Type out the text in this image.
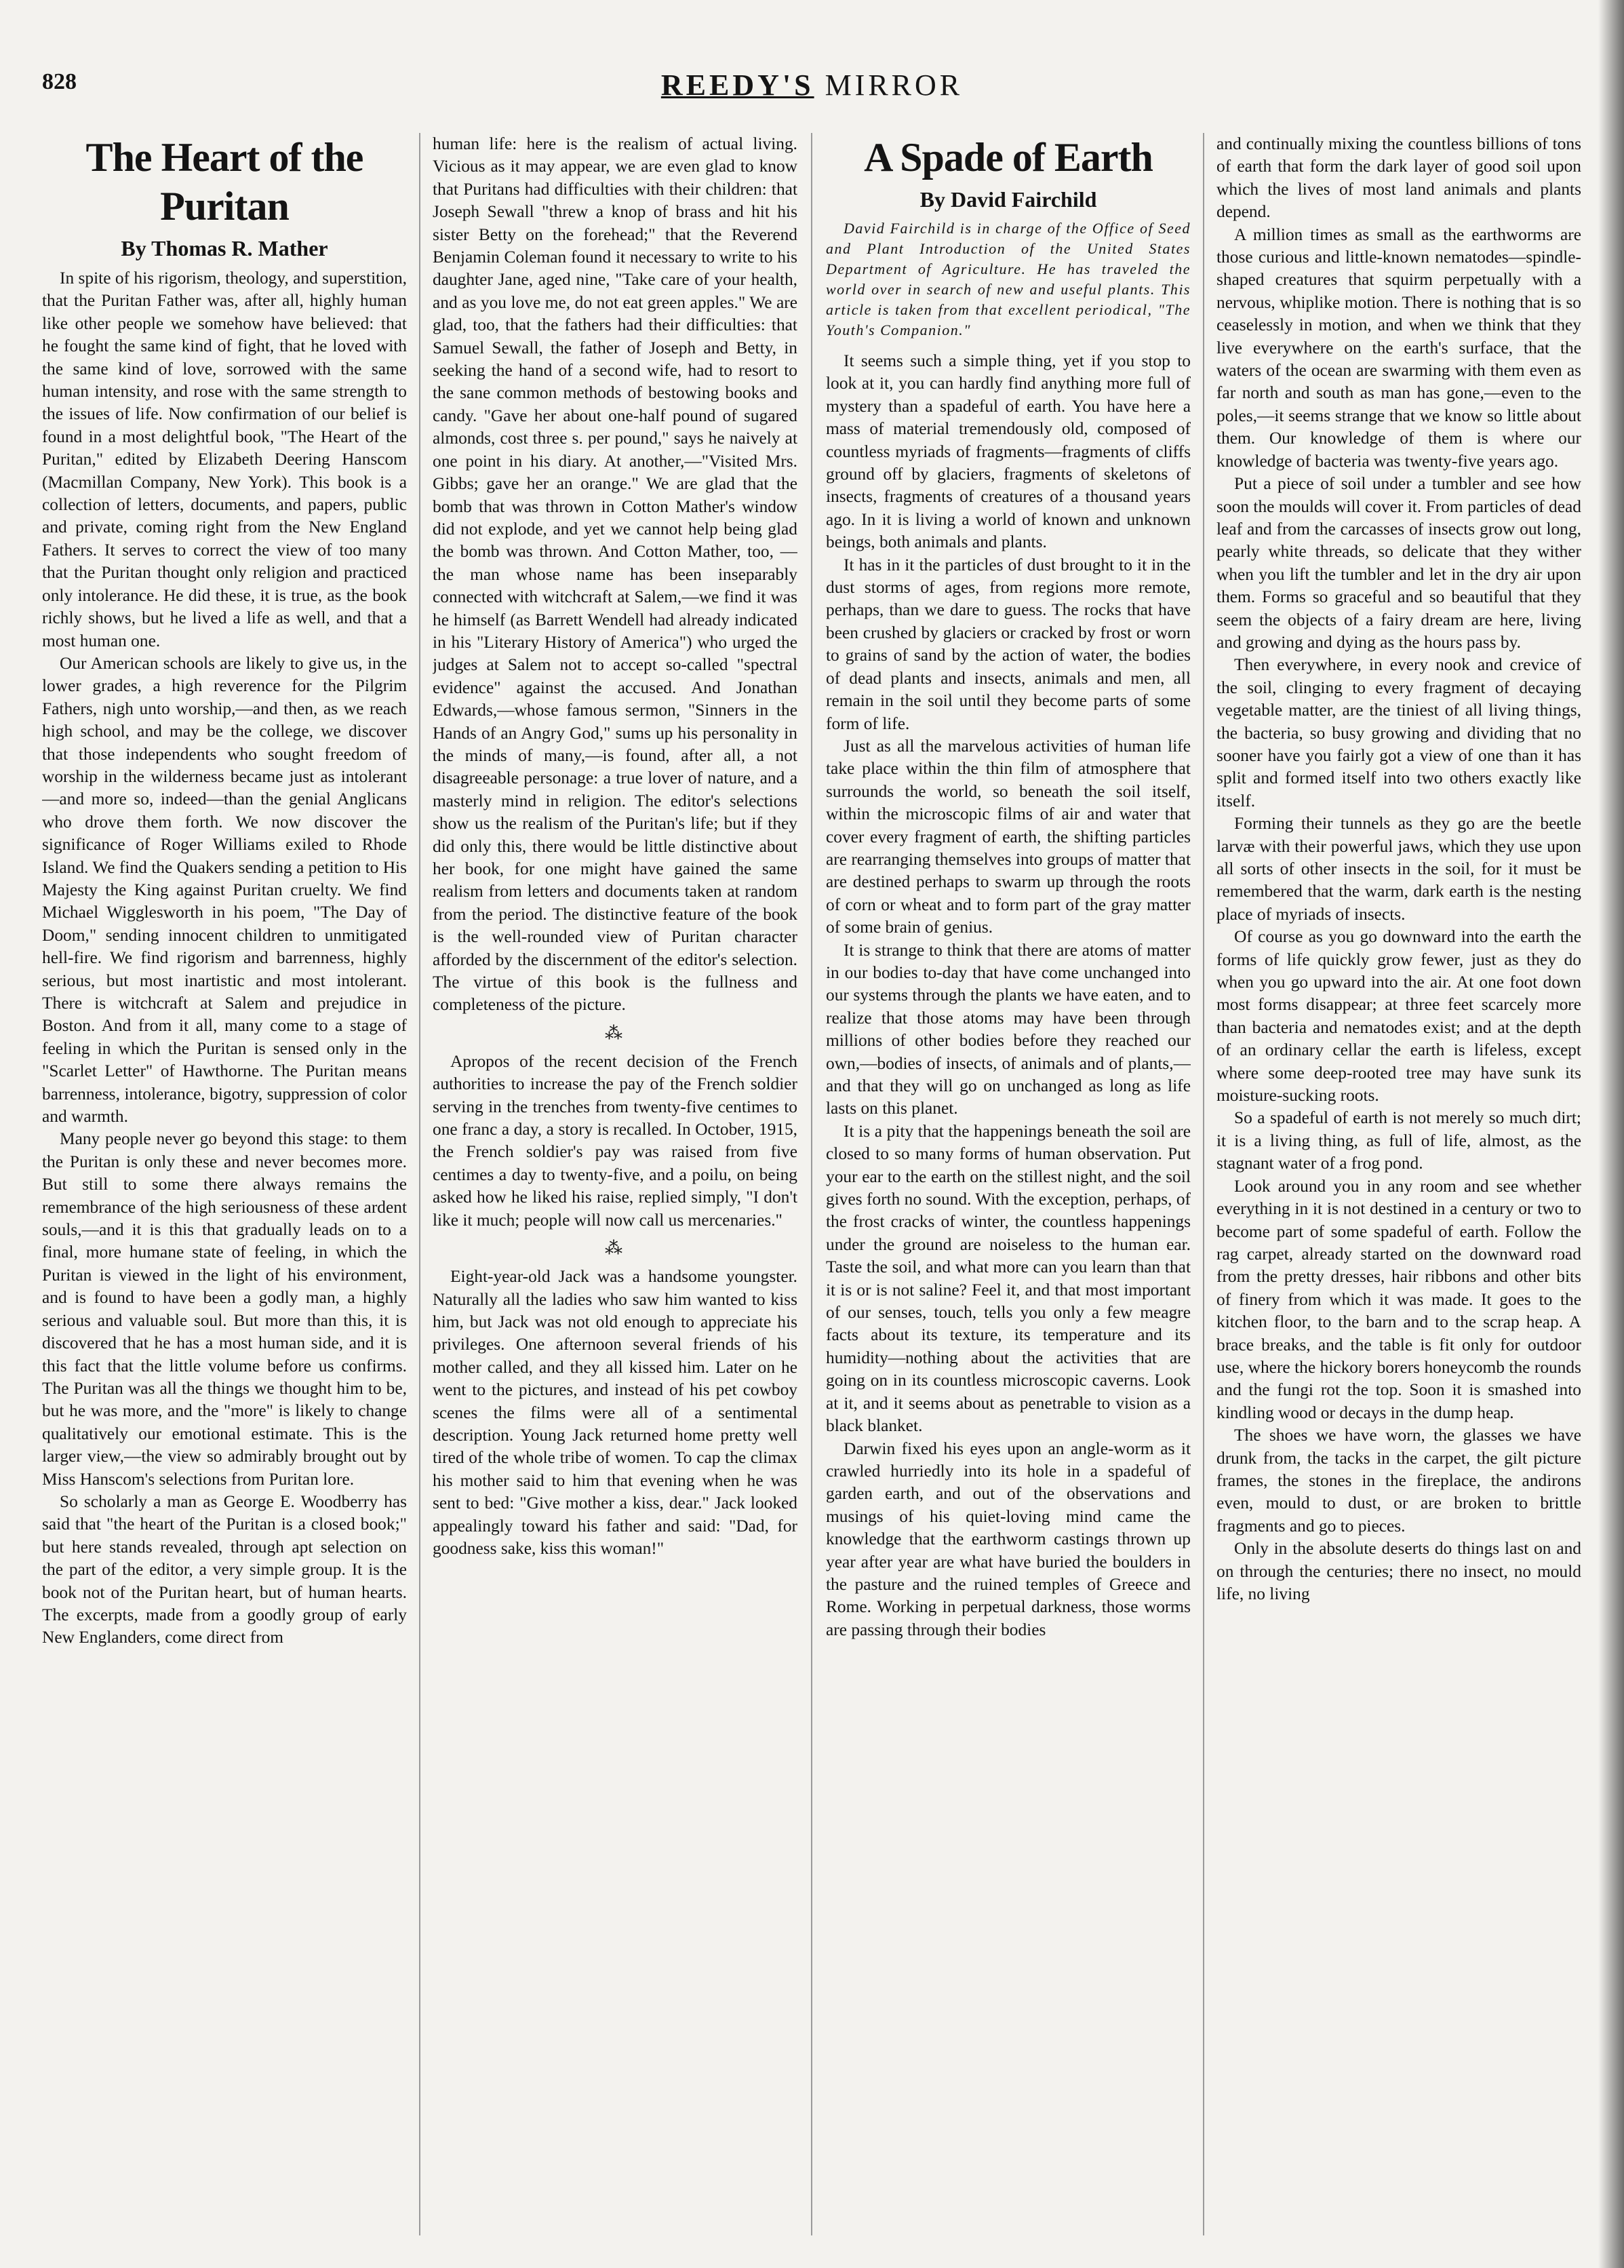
828	REEDY'S MIRROR
The Heart of the Puritan
By Thomas R. Mather

In spite of his rigorism, theology, and superstition, that the Puritan Father was, after all, highly human like other people we somehow have believed: that he fought the same kind of fight, that he loved with the same kind of love, sorrowed with the same human intensity, and rose with the same strength to the issues of life. Now confirmation of our belief is found in a most delightful book, "The Heart of the Puritan," edited by Elizabeth Deering Hanscom (Macmillan Company, New York). This book is a collection of letters, documents, and papers, public and private, coming right from the New England Fathers. It serves to correct the view of too many that the Puritan thought only religion and practiced only intolerance. He did these, it is true, as the book richly shows, but he lived a life as well, and that a most human one.

Our American schools are likely to give us, in the lower grades, a high reverence for the Pilgrim Fathers, nigh unto worship,—and then, as we reach high school, and may be the college, we discover that those independents who sought freedom of worship in the wilderness became just as intolerant—and more so, indeed—than the genial Anglicans who drove them forth. We now discover the significance of Roger Williams exiled to Rhode Island. We find the Quakers sending a petition to His Majesty the King against Puritan cruelty. We find Michael Wigglesworth in his poem, "The Day of Doom," sending innocent children to unmitigated hell-fire. We find rigorism and barrenness, highly serious, but most inartistic and most intolerant. There is witchcraft at Salem and prejudice in Boston. And from it all, many come to a stage of feeling in which the Puritan is sensed only in the "Scarlet Letter" of Hawthorne. The Puritan means barrenness, intolerance, bigotry, suppression of color and warmth.

Many people never go beyond this stage: to them the Puritan is only these and never becomes more. But still to some there always remains the remembrance of the high seriousness of these ardent souls,—and it is this that gradually leads on to a final, more humane state of feeling, in which the Puritan is viewed in the light of his environment, and is found to have been a godly man, a highly serious and valuable soul. But more than this, it is discovered that he has a most human side, and it is this fact that the little volume before us confirms. The Puritan was all the things we thought him to be, but he was more, and the "more" is likely to change qualitatively our emotional estimate. This is the larger view,—the view so admirably brought out by Miss Hanscom's selections from Puritan lore.

So scholarly a man as George E. Woodberry has said that "the heart of the Puritan is a closed book;" but here stands revealed, through apt selection on the part of the editor, a very simple group. It is the book not of the Puritan heart, but of human hearts. The excerpts, made from a goodly group of early New Englanders, come direct from

human life: here is the realism of actual living. Vicious as it may appear, we are even glad to know that Puritans had difficulties with their children: that Joseph Sewall "threw a knop of brass and hit his sister Betty on the forehead;" that the Reverend Benjamin Coleman found it necessary to write to his daughter Jane, aged nine, "Take care of your health, and as you love me, do not eat green apples." We are glad, too, that the fathers had their difficulties: that Samuel Sewall, the father of Joseph and Betty, in seeking the hand of a second wife, had to resort to the sane common methods of bestowing books and candy. "Gave her about one-half pound of sugared almonds, cost three s. per pound," says he naively at one point in his diary. At another,—"Visited Mrs. Gibbs; gave her an orange." We are glad that the bomb that was thrown in Cotton Mather's window did not explode, and yet we cannot help being glad the bomb was thrown. And Cotton Mather, too, —the man whose name has been inseparably connected with witchcraft at Salem,—we find it was he himself (as Barrett Wendell had already indicated in his "Literary History of America") who urged the judges at Salem not to accept so-called "spectral evidence" against the accused. And Jonathan Edwards,—whose famous sermon, "Sinners in the Hands of an Angry God," sums up his personality in the minds of many,—is found, after all, a not disagreeable personage: a true lover of nature, and a masterly mind in religion. The editor's selections show us the realism of the Puritan's life; but if they did only this, there would be little distinctive about her book, for one might have gained the same realism from letters and documents taken at random from the period. The distinctive feature of the book is the well-rounded view of Puritan character afforded by the discernment of the editor's selection. The virtue of this book is the fullness and completeness of the picture.

⁂

Apropos of the recent decision of the French authorities to increase the pay of the French soldier serving in the trenches from twenty-five centimes to one franc a day, a story is recalled. In October, 1915, the French soldier's pay was raised from five centimes a day to twenty-five, and a poilu, on being asked how he liked his raise, replied simply, "I don't like it much; people will now call us mercenaries."

⁂

Eight-year-old Jack was a handsome youngster. Naturally all the ladies who saw him wanted to kiss him, but Jack was not old enough to appreciate his privileges. One afternoon several friends of his mother called, and they all kissed him. Later on he went to the pictures, and instead of his pet cowboy scenes the films were all of a sentimental description. Young Jack returned home pretty well tired of the whole tribe of women. To cap the climax his mother said to him that evening when he was sent to bed: "Give mother a kiss, dear." Jack looked appealingly toward his father and said: "Dad, for goodness sake, kiss this woman!"

A Spade of Earth
By David Fairchild
David Fairchild is in charge of the Office of Seed and Plant Introduction of the United States Department of Agriculture. He has traveled the world over in search of new and useful plants. This article is taken from that excellent periodical, "The Youth's Companion."

It seems such a simple thing, yet if you stop to look at it, you can hardly find anything more full of mystery than a spadeful of earth. You have here a mass of material tremendously old, composed of countless myriads of fragments—fragments of cliffs ground off by glaciers, fragments of skeletons of insects, fragments of creatures of a thousand years ago. In it is living a world of known and unknown beings, both animals and plants.

It has in it the particles of dust brought to it in the dust storms of ages, from regions more remote, perhaps, than we dare to guess. The rocks that have been crushed by glaciers or cracked by frost or worn to grains of sand by the action of water, the bodies of dead plants and insects, animals and men, all remain in the soil until they become parts of some form of life.

Just as all the marvelous activities of human life take place within the thin film of atmosphere that surrounds the world, so beneath the soil itself, within the microscopic films of air and water that cover every fragment of earth, the shifting particles are rearranging themselves into groups of matter that are destined perhaps to swarm up through the roots of corn or wheat and to form part of the gray matter of some brain of genius.

It is strange to think that there are atoms of matter in our bodies to-day that have come unchanged into our systems through the plants we have eaten, and to realize that those atoms may have been through millions of other bodies before they reached our own,—bodies of insects, of animals and of plants,—and that they will go on unchanged as long as life lasts on this planet.

It is a pity that the happenings beneath the soil are closed to so many forms of human observation. Put your ear to the earth on the stillest night, and the soil gives forth no sound. With the exception, perhaps, of the frost cracks of winter, the countless happenings under the ground are noiseless to the human ear. Taste the soil, and what more can you learn than that it is or is not saline? Feel it, and that most important of our senses, touch, tells you only a few meagre facts about its texture, its temperature and its humidity—nothing about the activities that are going on in its countless microscopic caverns. Look at it, and it seems about as penetrable to vision as a black blanket.

Darwin fixed his eyes upon an angle-worm as it crawled hurriedly into its hole in a spadeful of garden earth, and out of the observations and musings of his quiet-loving mind came the knowledge that the earthworm castings thrown up year after year are what have buried the boulders in the pasture and the ruined temples of Greece and Rome. Working in perpetual darkness, those worms are passing through their bodies

and continually mixing the countless billions of tons of earth that form the dark layer of good soil upon which the lives of most land animals and plants depend.

A million times as small as the earthworms are those curious and little-known nematodes—spindle-shaped creatures that squirm perpetually with a nervous, whiplike motion. There is nothing that is so ceaselessly in motion, and when we think that they live everywhere on the earth's surface, that the waters of the ocean are swarming with them even as far north and south as man has gone,—even to the poles,—it seems strange that we know so little about them. Our knowledge of them is where our knowledge of bacteria was twenty-five years ago.

Put a piece of soil under a tumbler and see how soon the moulds will cover it. From particles of dead leaf and from the carcasses of insects grow out long, pearly white threads, so delicate that they wither when you lift the tumbler and let in the dry air upon them. Forms so graceful and so beautiful that they seem the objects of a fairy dream are here, living and growing and dying as the hours pass by.

Then everywhere, in every nook and crevice of the soil, clinging to every fragment of decaying vegetable matter, are the tiniest of all living things, the bacteria, so busy growing and dividing that no sooner have you fairly got a view of one than it has split and formed itself into two others exactly like itself.

Forming their tunnels as they go are the beetle larvæ with their powerful jaws, which they use upon all sorts of other insects in the soil, for it must be remembered that the warm, dark earth is the nesting place of myriads of insects.

Of course as you go downward into the earth the forms of life quickly grow fewer, just as they do when you go upward into the air. At one foot down most forms disappear; at three feet scarcely more than bacteria and nematodes exist; and at the depth of an ordinary cellar the earth is lifeless, except where some deep-rooted tree may have sunk its moisture-sucking roots.

So a spadeful of earth is not merely so much dirt; it is a living thing, as full of life, almost, as the stagnant water of a frog pond.

Look around you in any room and see whether everything in it is not destined in a century or two to become part of some spadeful of earth. Follow the rag carpet, already started on the downward road from the pretty dresses, hair ribbons and other bits of finery from which it was made. It goes to the kitchen floor, to the barn and to the scrap heap. A brace breaks, and the table is fit only for outdoor use, where the hickory borers honeycomb the rounds and the fungi rot the top. Soon it is smashed into kindling wood or decays in the dump heap.

The shoes we have worn, the glasses we have drunk from, the tacks in the carpet, the gilt picture frames, the stones in the fireplace, the andirons even, mould to dust, or are broken to brittle fragments and go to pieces.

Only in the absolute deserts do things last on and on through the centuries; there no insect, no mould life, no living
